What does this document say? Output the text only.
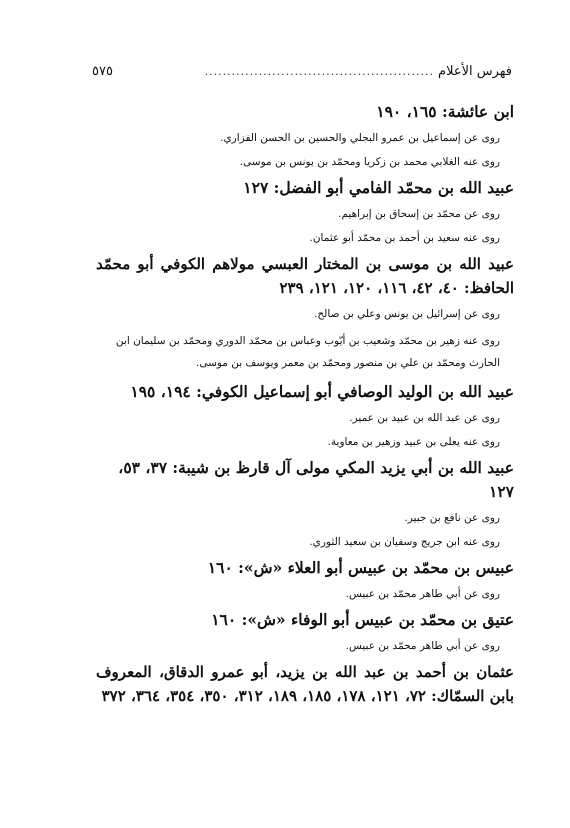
فهرس الأعلام
...................................................
٥٧٥

ابن عائشة: ١٦٥، ١٩٠

روى عن إسماعيل بن عمرو البجلي والحسين بن الحسن الفزاري.

روى عنه الغلابي محمد بن زكريا ومحمّد بن يونس بن موسى.

عبيد الله بن محمّد الفامي أبو الفضل: ١٢٧

روى عن محمّد بن إسحاق بن إبراهيم.

روى عنه سعيد بن أحمد بن محمّد أبو عثمان.

عبيد الله بن موسى بن المختار العبسي مولاهم الكوفي أبو محمّد الحافظ: ٤٠، ٤٢، ١١٦، ١٢٠، ١٢١، ٢٣٩

روى عن إسرائيل بن يونس وعلي بن صالح.

روى عنه زهير بن محمّد وشعيب بن أيّوب وعباس بن محمّد الدوري ومحمّد بن سليمان ابن الحارث ومحمّد بن علي بن منصور ومحمّد بن معمر ويوسف بن موسى.

عبيد الله بن الوليد الوصافي أبو إسماعيل الكوفي: ١٩٤، ١٩٥

روى عن عبد الله بن عبيد بن عمير.

روى عنه يعلى بن عبيد وزهير بن معاوية.

عبيد الله بن أبي يزيد المكي مولى آل قارظ بن شيبة: ٣٧، ٥٣، ١٢٧

روى عن نافع بن جبير.

روى عنه ابن جريج وسفيان بن سعيد الثوري.

عبيس بن محمّد بن عبيس أبو العلاء «ش»: ١٦٠

روى عن أبي طاهر محمّد بن عبيس.

عتيق بن محمّد بن عبيس أبو الوفاء «ش»: ١٦٠

روى عن أبي طاهر محمّد بن عبيس.

عثمان بن أحمد بن عبد الله بن يزيد، أبو عمرو الدقاق، المعروف بابن السمّاك: ٧٢، ١٢١، ١٧٨، ١٨٥، ١٨٩، ٣١٢، ٣٥٠، ٣٥٤، ٣٦٤، ٣٧٢
